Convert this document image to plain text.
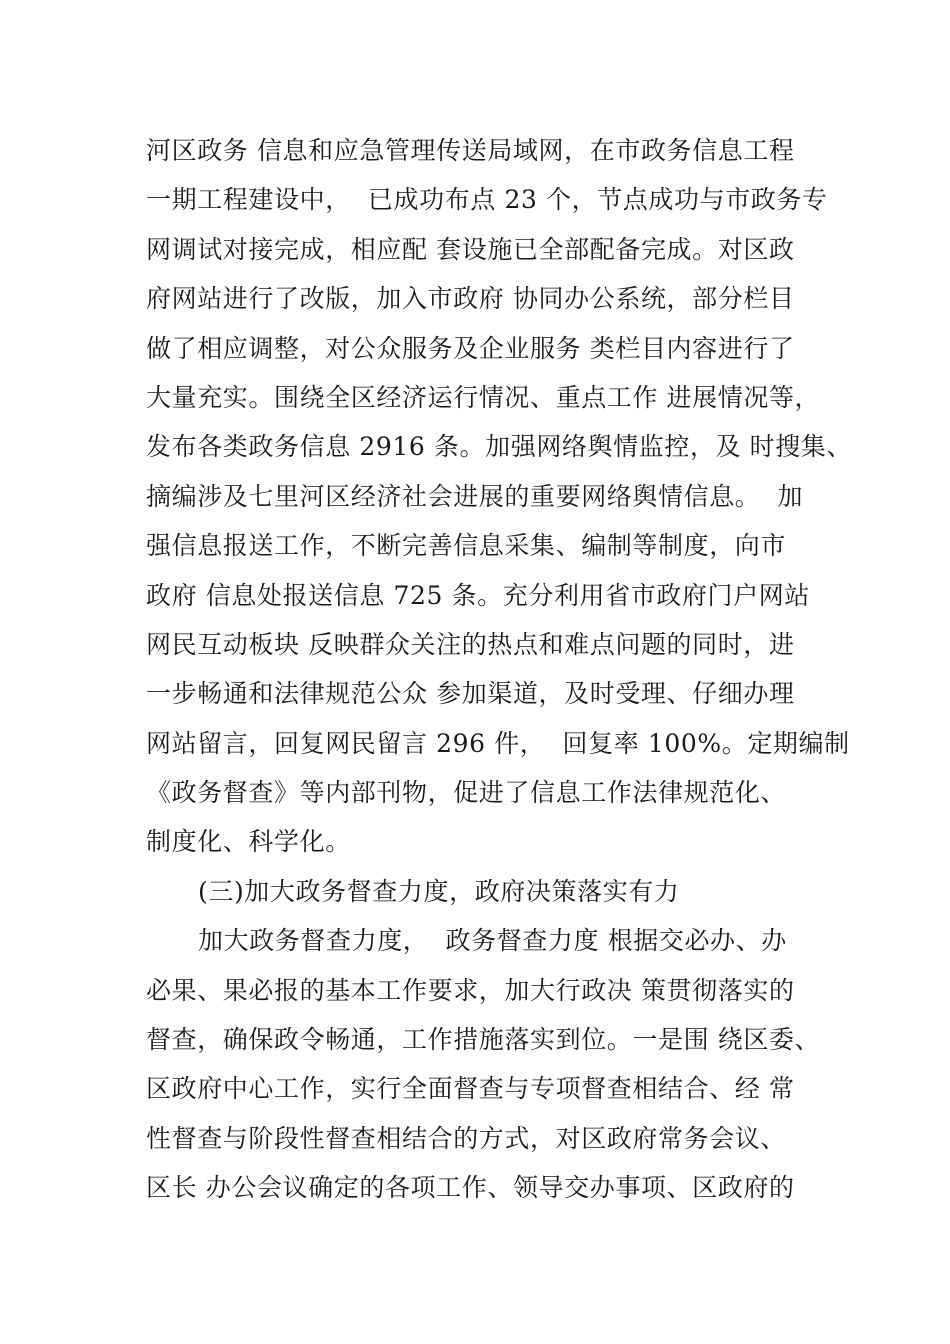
河区政务 信息和应急管理传送局域网，在市政务信息工程
一期工程建设中，  已成功布点 23 个，节点成功与市政务专
网调试对接完成，相应配 套设施已全部配备完成。对区政
府网站进行了改版，加入市政府 协同办公系统，部分栏目
做了相应调整，对公众服务及企业服务 类栏目内容进行了
大量充实。围绕全区经济运行情况、重点工作 进展情况等，
发布各类政务信息 2916 条。加强网络舆情监控，及 时搜集、
摘编涉及七里河区经济社会进展的重要网络舆情信息。  加
强信息报送工作，不断完善信息采集、编制等制度，向市
政府 信息处报送信息 725 条。充分利用省市政府门户网站
网民互动板块 反映群众关注的热点和难点问题的同时，进
一步畅通和法律规范公众 参加渠道，及时受理、仔细办理
网站留言，回复网民留言 296 件，  回复率 100%。定期编制
《政务督查》等内部刊物，促进了信息工作法律规范化、
制度化、科学化。
(三)加大政务督查力度，政府决策落实有力
加大政务督查力度，  政务督查力度 根据交必办、办
必果、果必报的基本工作要求，加大行政决 策贯彻落实的
督查，确保政令畅通，工作措施落实到位。一是围 绕区委、
区政府中心工作，实行全面督查与专项督查相结合、经 常
性督查与阶段性督查相结合的方式，对区政府常务会议、
区长 办公会议确定的各项工作、领导交办事项、区政府的
